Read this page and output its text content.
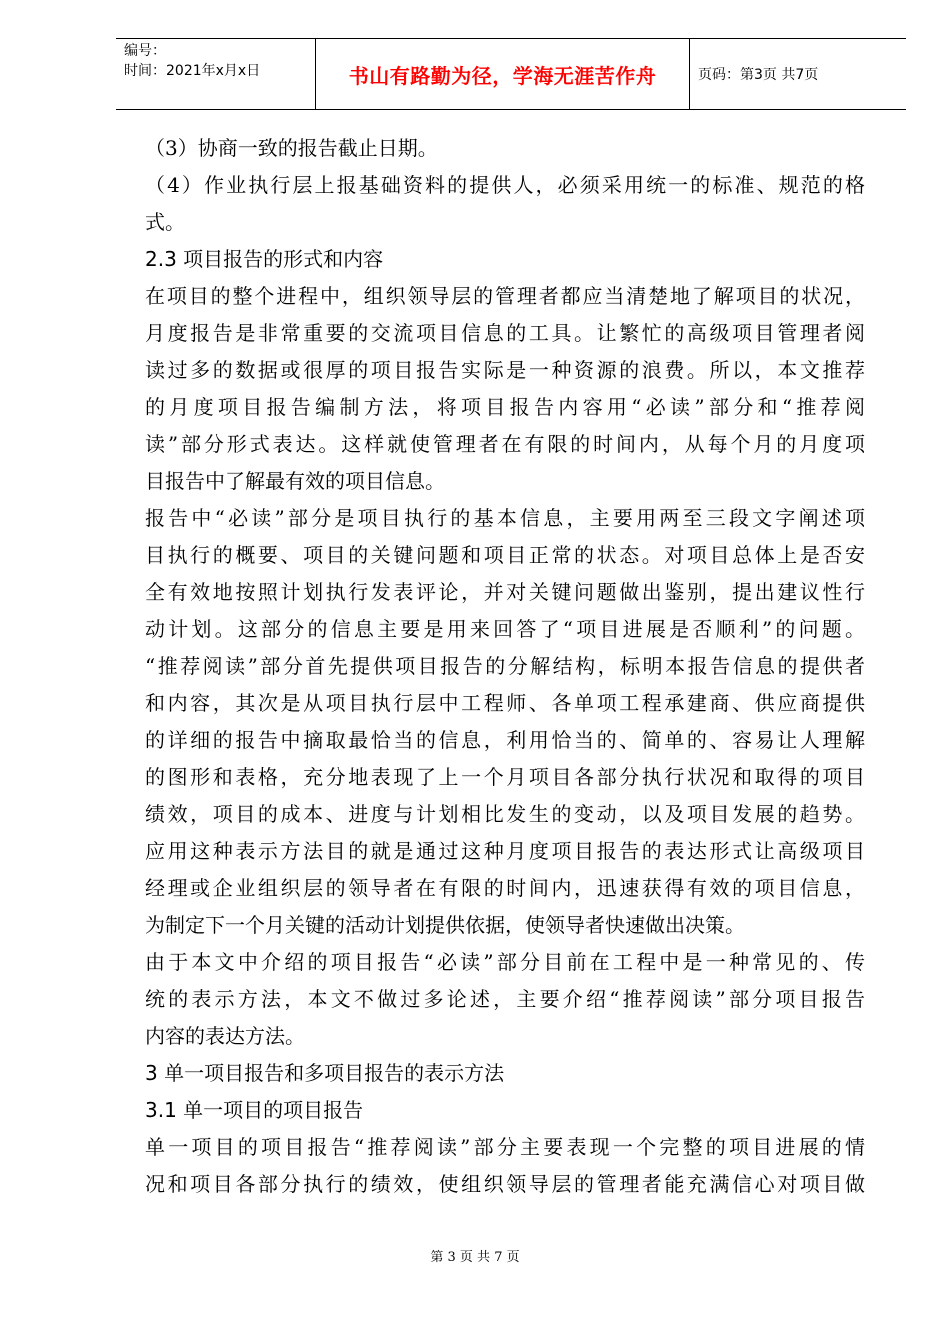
编号：
时间：2021年x月x日	书山有路勤为径，学海无涯苦作舟	页码：第3页 共7页
（3）协商一致的报告截止日期。
（4）作业执行层上报基础资料的提供人，必须采用统一的标准、规范的格
式。
2.3 项目报告的形式和内容
在项目的整个进程中，组织领导层的管理者都应当清楚地了解项目的状况，
月度报告是非常重要的交流项目信息的工具。让繁忙的高级项目管理者阅
读过多的数据或很厚的项目报告实际是一种资源的浪费。所以，本文推荐
的月度项目报告编制方法，将项目报告内容用“必读”部分和“推荐阅
读”部分形式表达。这样就使管理者在有限的时间内，从每个月的月度项
目报告中了解最有效的项目信息。
报告中“必读”部分是项目执行的基本信息，主要用两至三段文字阐述项
目执行的概要、项目的关键问题和项目正常的状态。对项目总体上是否安
全有效地按照计划执行发表评论，并对关键问题做出鉴别，提出建议性行
动计划。这部分的信息主要是用来回答了“项目进展是否顺利”的问题。
“推荐阅读”部分首先提供项目报告的分解结构，标明本报告信息的提供者
和内容，其次是从项目执行层中工程师、各单项工程承建商、供应商提供
的详细的报告中摘取最恰当的信息，利用恰当的、简单的、容易让人理解
的图形和表格，充分地表现了上一个月项目各部分执行状况和取得的项目
绩效，项目的成本、进度与计划相比发生的变动，以及项目发展的趋势。
应用这种表示方法目的就是通过这种月度项目报告的表达形式让高级项目
经理或企业组织层的领导者在有限的时间内，迅速获得有效的项目信息，
为制定下一个月关键的活动计划提供依据，使领导者快速做出决策。
由于本文中介绍的项目报告“必读”部分目前在工程中是一种常见的、传
统的表示方法，本文不做过多论述，主要介绍“推荐阅读”部分项目报告
内容的表达方法。
3 单一项目报告和多项目报告的表示方法
3.1 单一项目的项目报告
单一项目的项目报告“推荐阅读”部分主要表现一个完整的项目进展的情
况和项目各部分执行的绩效，使组织领导层的管理者能充满信心对项目做
第 3 页 共 7 页
